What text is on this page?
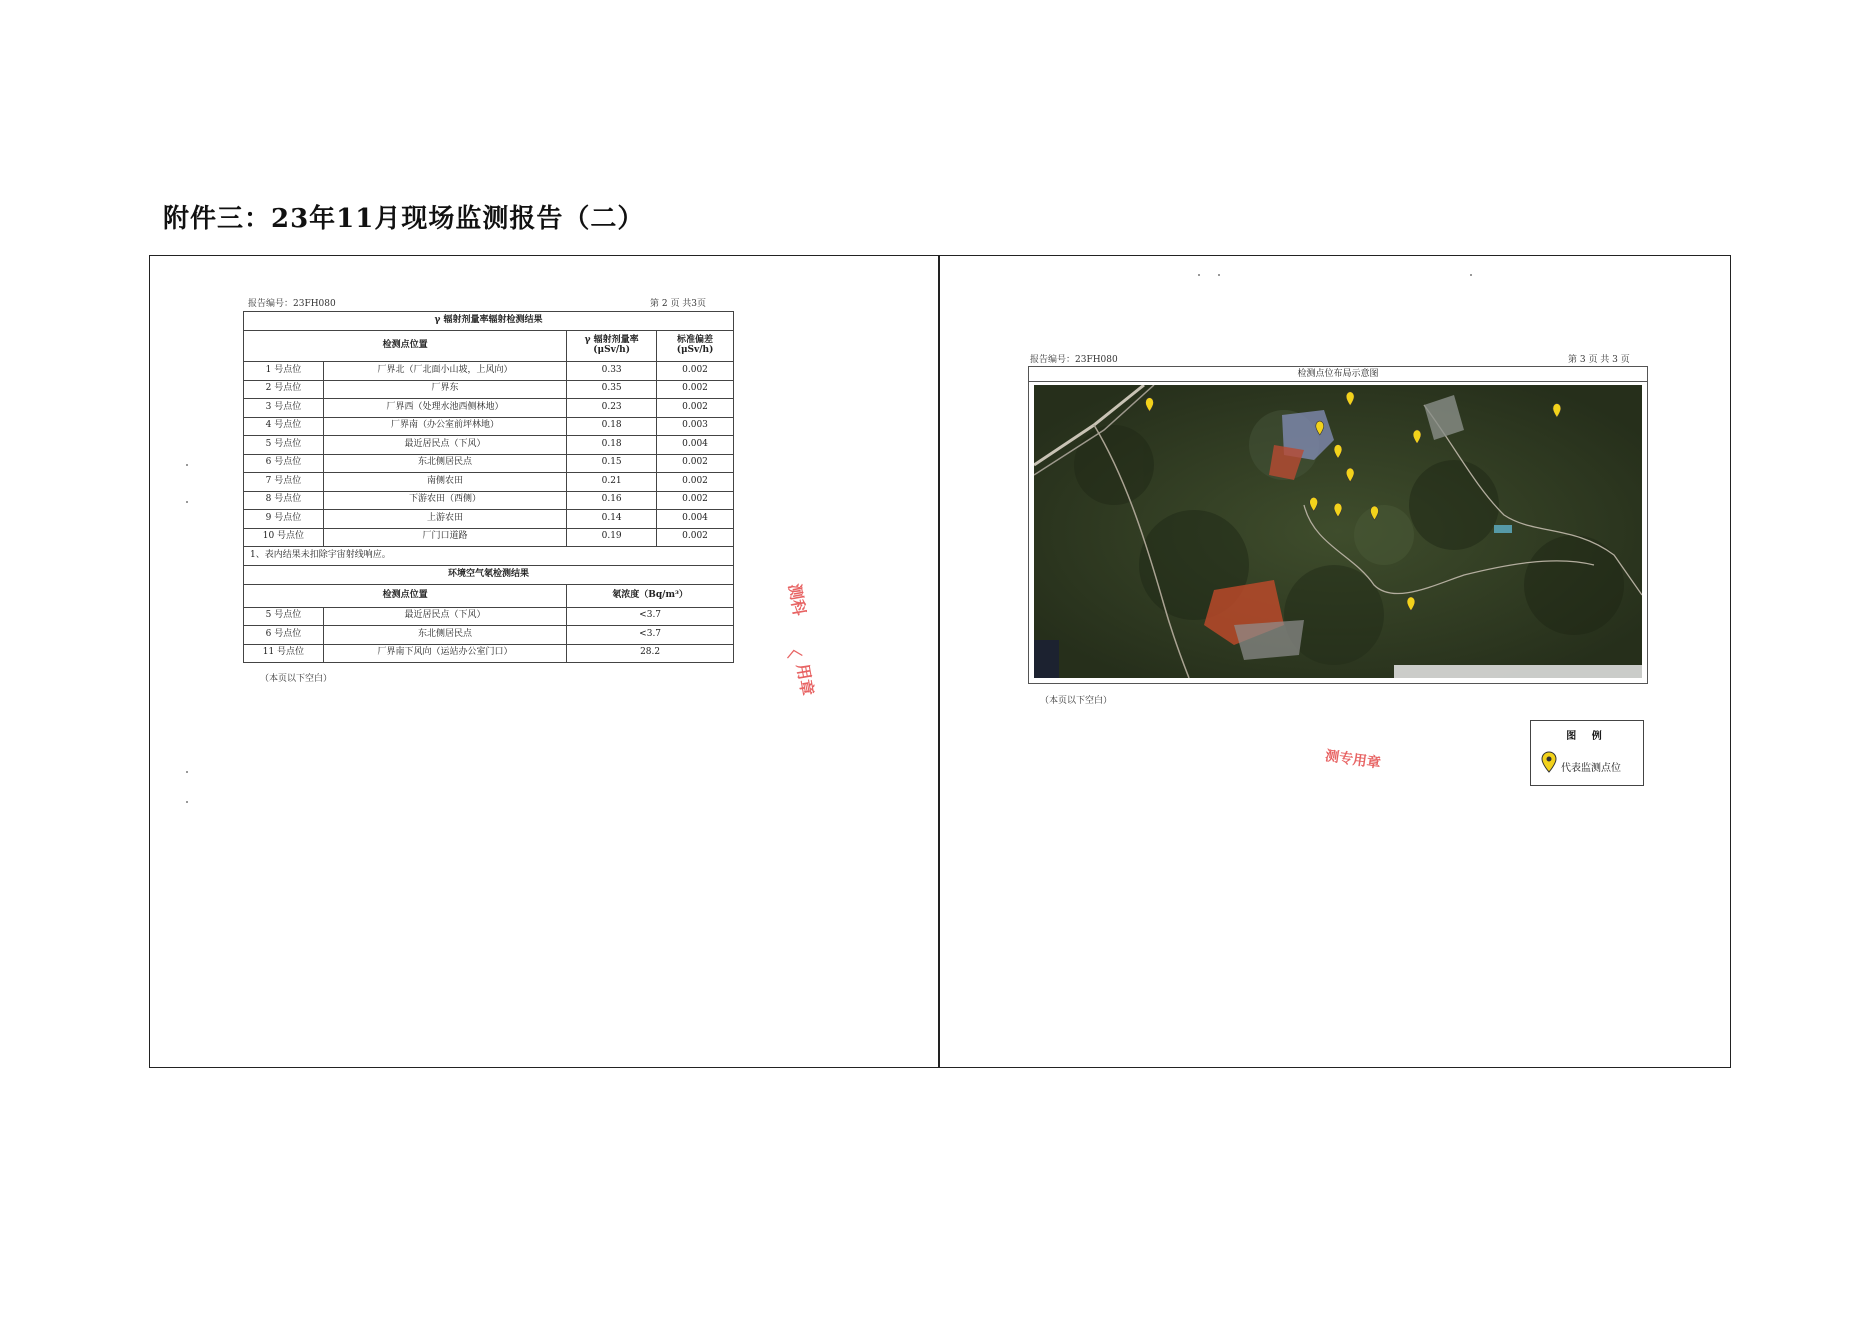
附件三：23年11月现场监测报告（二）
报告编号：23FH080	第 2 页 共3页
γ 辐射剂量率辐射检测结果			
检测点位置		γ 辐射剂量率 (μSv/h)	标准偏差 (μSv/h)
1 号点位	厂界北（厂北面小山坡，上风向）	0.33	0.002
2 号点位	厂界东	0.35	0.002
3 号点位	厂界西（处理水池西侧林地）	0.23	0.002
4 号点位	厂界南（办公室前坪林地）	0.18	0.003
5 号点位	最近居民点（下风）	0.18	0.004
6 号点位	东北侧居民点	0.15	0.002
7 号点位	南侧农田	0.21	0.002
8 号点位	下游农田（西侧）	0.16	0.002
9 号点位	上游农田	0.14	0.004
10 号点位	厂门口道路	0.19	0.002
1、表内结果未扣除宇宙射线响应。			
环境空气氡检测结果			
检测点位置		氡浓度（Bq/m³）	
5 号点位	最近居民点（下风）	<3.7	
6 号点位	东北侧居民点	<3.7	
11 号点位	厂界南下风向（运站办公室门口）	28.2	
（本页以下空白）
测科
〈
用章
报告编号：23FH080	第 3 页 共 3 页
检测点位布局示意图
图 例
代表监测点位
（本页以下空白）
测专用章
